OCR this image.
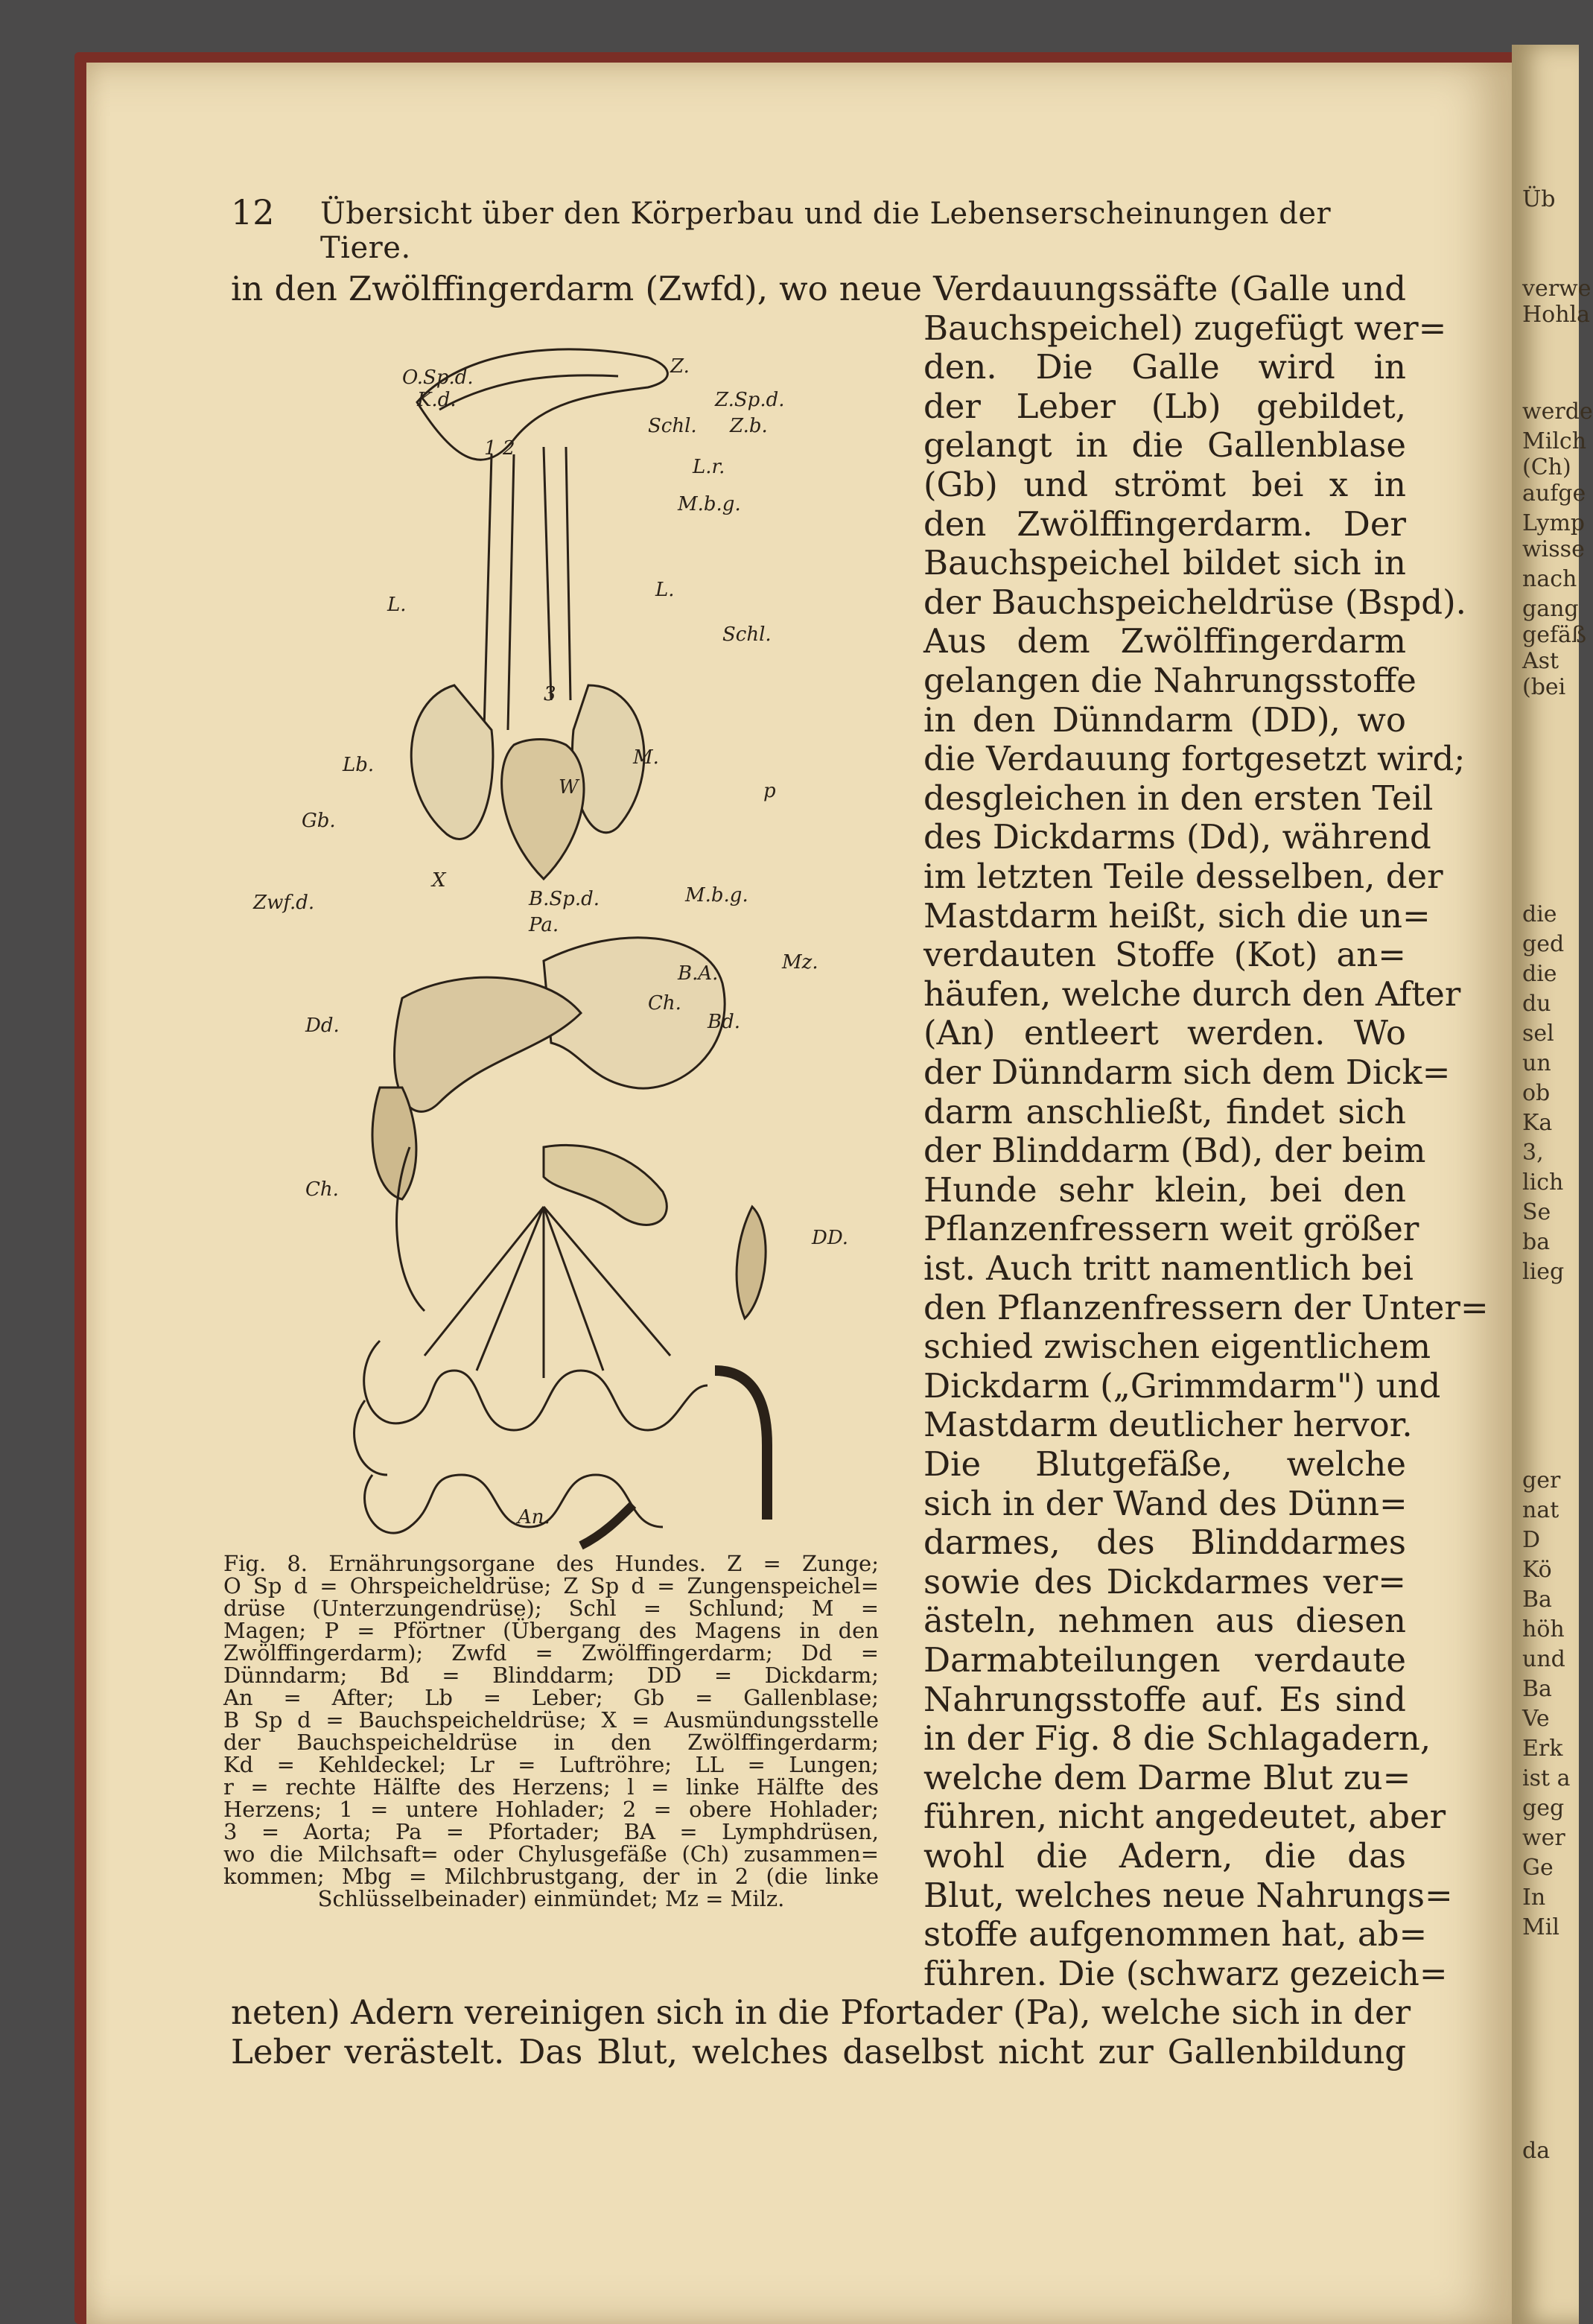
Üb
verwe
Hohla
werde
Milch
(Ch)
aufge
Lymp
wisse
nach
gang
gefäß
Ast
(bei
die
ged
die
du
sel
un
ob
Ka
3,
lich
Se
ba
lieg
ger
nat
D
Kö
Ba
höh
und
Ba
Ve
Erk
ist a
geg
wer
Ge
In
Mil
da
12 Übersicht über den Körperbau und die Lebenserscheinungen der Tiere.
in den Zwölffingerdarm (Zwfd), wo neue Verdauungssäfte (Galle und
Bauchspeichel) zugefügt wer=
den. Die Galle wird in
der Leber (Lb) gebildet,
gelangt in die Gallenblase
(Gb) und strömt bei x in
den Zwölffingerdarm. Der
Bauchspeichel bildet sich in
der Bauchspeicheldrüse (Bspd).
Aus dem Zwölffingerdarm
gelangen die Nahrungsstoffe
in den Dünndarm (DD), wo
die Verdauung fortgesetzt wird;
desgleichen in den ersten Teil
des Dickdarms (Dd), während
im letzten Teile desselben, der
Mastdarm heißt, sich die un=
verdauten Stoffe (Kot) an=
häufen, welche durch den After
(An) entleert werden. Wo
der Dünndarm sich dem Dick=
darm anschließt, findet sich
der Blinddarm (Bd), der beim
Hunde sehr klein, bei den
Pflanzenfressern weit größer
ist. Auch tritt namentlich bei
den Pflanzenfressern der Unter=
schied zwischen eigentlichem
Dickdarm („Grimmdarm") und
Mastdarm deutlicher hervor.
Die Blutgefäße, welche
sich in der Wand des Dünn=
darmes, des Blinddarmes
sowie des Dickdarmes ver=
ästeln, nehmen aus diesen
Darmabteilungen verdaute
Nahrungsstoffe auf. Es sind
in der Fig. 8 die Schlagadern,
welche dem Darme Blut zu=
führen, nicht angedeutet, aber
wohl die Adern, die das
Blut, welches neue Nahrungs=
stoffe aufgenommen hat, ab=
führen. Die (schwarz gezeich=
neten) Adern vereinigen sich in die Pfortader (Pa), welche sich in der
Leber verästelt. Das Blut, welches daselbst nicht zur Gallenbildung
Z.
O.Sp.d.
K.d.	Z.Sp.d.
Z.b.
Schl.
L.r.
M.b.g.
L.
L.
Schl.
Lb.	M.
p
Gb.
Zwf.d.	M.b.g.
B.Sp.d.
Pa.
X
Mz.
B.A.
Ch.
Bd.
Dd.
Ch.
DD.
An.
W
3
2
1
Fig. 8. Ernährungsorgane des Hundes. Z = Zunge;
O Sp d = Ohrspeicheldrüse; Z Sp d = Zungenspeichel=
drüse (Unterzungendrüse); Schl = Schlund; M =
Magen; P = Pförtner (Übergang des Magens in den
Zwölffingerdarm); Zwfd = Zwölffingerdarm; Dd =
Dünndarm; Bd = Blinddarm; DD = Dickdarm;
An = After; Lb = Leber; Gb = Gallenblase;
B Sp d = Bauchspeicheldrüse; X = Ausmündungsstelle
der Bauchspeicheldrüse in den Zwölffingerdarm;
Kd = Kehldeckel; Lr = Luftröhre; LL = Lungen;
r = rechte Hälfte des Herzens; l = linke Hälfte des
Herzens; 1 = untere Hohlader; 2 = obere Hohlader;
3 = Aorta; Pa = Pfortader; BA = Lymphdrüsen,
wo die Milchsaft= oder Chylusgefäße (Ch) zusammen=
kommen; Mbg = Milchbrustgang, der in 2 (die linke
Schlüsselbeinader) einmündet; Mz = Milz.
